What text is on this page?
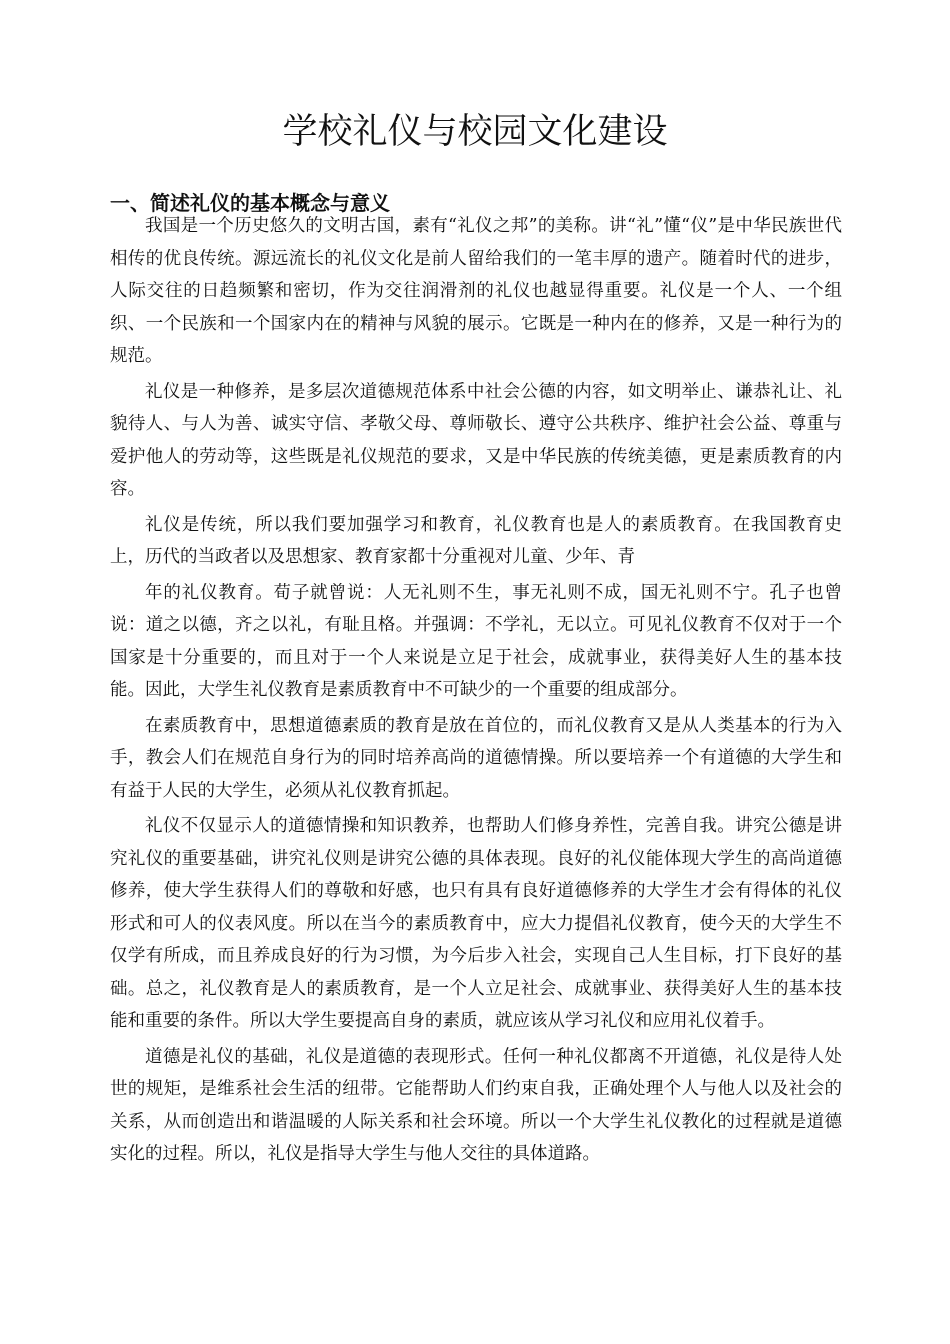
学校礼仪与校园文化建设
一、简述礼仪的基本概念与意义

我国是一个历史悠久的文明古国，素有“礼仪之邦”的美称。讲“礼”懂“仪”是中华民族世代相传的优良传统。源远流长的礼仪文化是前人留给我们的一笔丰厚的遗产。随着时代的进步，人际交往的日趋频繁和密切，作为交往润滑剂的礼仪也越显得重要。礼仪是一个人、一个组织、一个民族和一个国家内在的精神与风貌的展示。它既是一种内在的修养，又是一种行为的规范。

礼仪是一种修养，是多层次道德规范体系中社会公德的内容，如文明举止、谦恭礼让、礼貌待人、与人为善、诚实守信、孝敬父母、尊师敬长、遵守公共秩序、维护社会公益、尊重与爱护他人的劳动等，这些既是礼仪规范的要求，又是中华民族的传统美德，更是素质教育的内容。

礼仪是传统，所以我们要加强学习和教育，礼仪教育也是人的素质教育。在我国教育史上，历代的当政者以及思想家、教育家都十分重视对儿童、少年、青

年的礼仪教育。荀子就曾说：人无礼则不生，事无礼则不成，国无礼则不宁。孔子也曾说：道之以德，齐之以礼，有耻且格。并强调：不学礼，无以立。可见礼仪教育不仅对于一个国家是十分重要的，而且对于一个人来说是立足于社会，成就事业，获得美好人生的基本技能。因此，大学生礼仪教育是素质教育中不可缺少的一个重要的组成部分。

在素质教育中，思想道德素质的教育是放在首位的，而礼仪教育又是从人类基本的行为入手，教会人们在规范自身行为的同时培养高尚的道德情操。所以要培养一个有道德的大学生和有益于人民的大学生，必须从礼仪教育抓起。

礼仪不仅显示人的道德情操和知识教养，也帮助人们修身养性，完善自我。讲究公德是讲究礼仪的重要基础，讲究礼仪则是讲究公德的具体表现。良好的礼仪能体现大学生的高尚道德修养，使大学生获得人们的尊敬和好感，也只有具有良好道德修养的大学生才会有得体的礼仪形式和可人的仪表风度。所以在当今的素质教育中，应大力提倡礼仪教育，使今天的大学生不仅学有所成，而且养成良好的行为习惯，为今后步入社会，实现自己人生目标，打下良好的基础。总之，礼仪教育是人的素质教育，是一个人立足社会、成就事业、获得美好人生的基本技能和重要的条件。所以大学生要提高自身的素质，就应该从学习礼仪和应用礼仪着手。

道德是礼仪的基础，礼仪是道德的表现形式。任何一种礼仪都离不开道德，礼仪是待人处世的规矩，是维系社会生活的纽带。它能帮助人们约束自我，正确处理个人与他人以及社会的关系，从而创造出和谐温暖的人际关系和社会环境。所以一个大学生礼仪教化的过程就是道德实化的过程。所以，礼仪是指导大学生与他人交往的具体道路。
